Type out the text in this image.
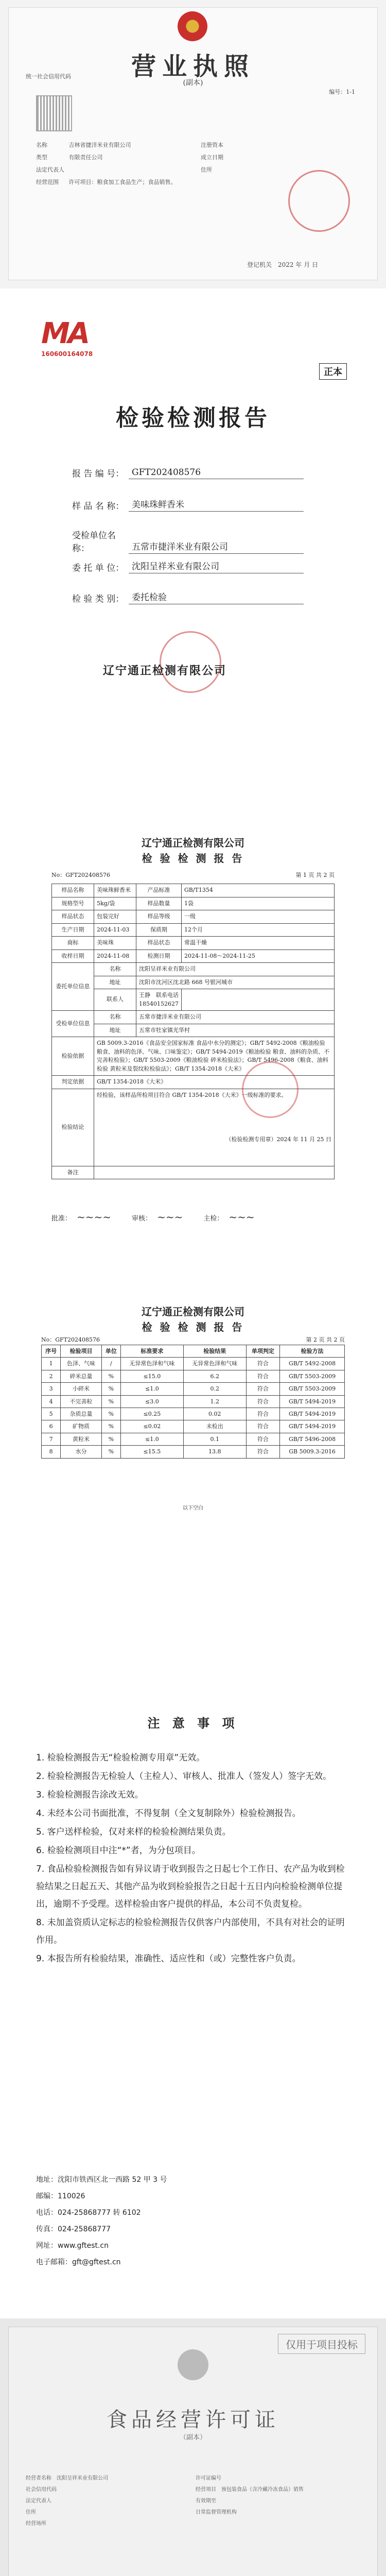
统一社会信用代码	营业执照
(副本)
编号：1-1
名称	吉林省捷洋米业有限公司
类型	有限责任公司
法定代表人
经营范围 许可项目：粮食加工食品生产；食品销售。
注册资本
成立日期
住所
登记机关　 2022 年 月 日
MA
160600164078
正本
检验检测报告
报 告 编 号： GFT202408576
样 品 名 称： 美味珠鲜香米
受检单位名称：	五常市捷洋米业有限公司
委 托 单 位： 沈阳呈祥米业有限公司
检 验 类 别： 委托检验
辽宁通正检测有限公司
辽宁通正检测有限公司
检 验 检 测 报 告
No：GFT202408576	第 1 页 共 2 页
样品名称	美味珠鲜香米	产品标准	GB/T1354
规格型号	5kg/袋	样品数量	1袋
样品状态	包装完好	样品等级	一级
生产日期	2024-11-03	保质期	12个月
商标	美味珠	样品状态	常温干燥
收样日期	2024-11-08	检测日期	2024-11-08～2024-11-25
委托单位信息	名称	沈阳呈祥米业有限公司	
	地址	沈阳市沈河区沈北路 668 号银河城市	
	联系人	王静　 联系电话 18540152627	
受检单位信息	名称	五常市捷洋米业有限公司	
	地址	五常市牡家镇光华村	
检验依据	GB 5009.3-2016《食品安全国家标准 食品中水分的测定》；GB/T 5492-2008《粮油检验 粮食、油料的色泽、气味、口味鉴定》；GB/T 5494-2019《粮油检验 粮食、油料的杂质、不完善粒检验》；GB/T 5503-2009《粮油检验 碎米检验法》；GB/T 5496-2008《粮食、油料检验 黄粒米及裂纹粒检验法》；GB/T 1354-2018《大米》		
判定依据	GB/T 1354-2018《大米》		
检验结论	经检验，该样品所检项目符合 GB/T 1354-2018《大米》一级标准的要求。
（检验检测专用章）2024 年 11 月 25 日		

备注			
批准： ~~~~	审核： ~~~	主检： ~~~
辽宁通正检测有限公司
检 验 检 测 报 告
No：GFT202408576	第 2 页 共 2 页
序号	检验项目	单位	标准要求	检验结果	单项判定	检验方法
1	色泽、气味	/	无异常色泽和气味	无异常色泽和气味	符合	GB/T 5492-2008
2	碎米总量	%	≤15.0	6.2	符合	GB/T 5503-2009
3	小碎米	%	≤1.0	0.2	符合	GB/T 5503-2009
4	不完善粒	%	≤3.0	1.2	符合	GB/T 5494-2019
5	杂质总量	%	≤0.25	0.02	符合	GB/T 5494-2019
6	矿物质	%	≤0.02	未检出	符合	GB/T 5494-2019
7	黄粒米	%	≤1.0	0.1	符合	GB/T 5496-2008
8	水分	%	≤15.5	13.8	符合	GB 5009.3-2016
以下空白
注 意 事 项

1. 检验检测报告无“检验检测专用章”无效。

2. 检验检测报告无检验人（主检人）、审核人、批准人（签发人）签字无效。

3. 检验检测报告涂改无效。

4. 未经本公司书面批准，不得复制（全文复制除外）检验检测报告。

5. 客户送样检验，仅对来样的检验检测结果负责。

6. 检验检测项目中注“*”者，为分包项目。

7. 食品检验检测报告如有异议请于收到报告之日起七个工作日、农产品为收到检验结果之日起五天、其他产品为收到检验报告之日起十五日内向检验检测单位提出，逾期不予受理。送样检验由客户提供的样品，本公司不负责复检。

8. 未加盖资质认定标志的检验检测报告仅供客户内部使用，不具有对社会的证明作用。

9. 本报告所有检验结果，准确性、适应性和（或）完整性客户负责。

地址：沈阳市铁西区北一西路 52 甲 3 号
邮编：110026
电话：024-25868777 转 6102
传真：024-25868777
网址：www.gftest.cn
电子邮箱：gft@gftest.cn
仅用于项目投标
食品经营许可证
（副本）
经营者名称　 沈阳呈祥米业有限公司
社会信用代码　
法定代表人　
住所　
经营场所　
许可证编号　
经营项目　 预包装食品（含冷藏冷冻食品）销售
有效期至　
日常监督管理机构　
